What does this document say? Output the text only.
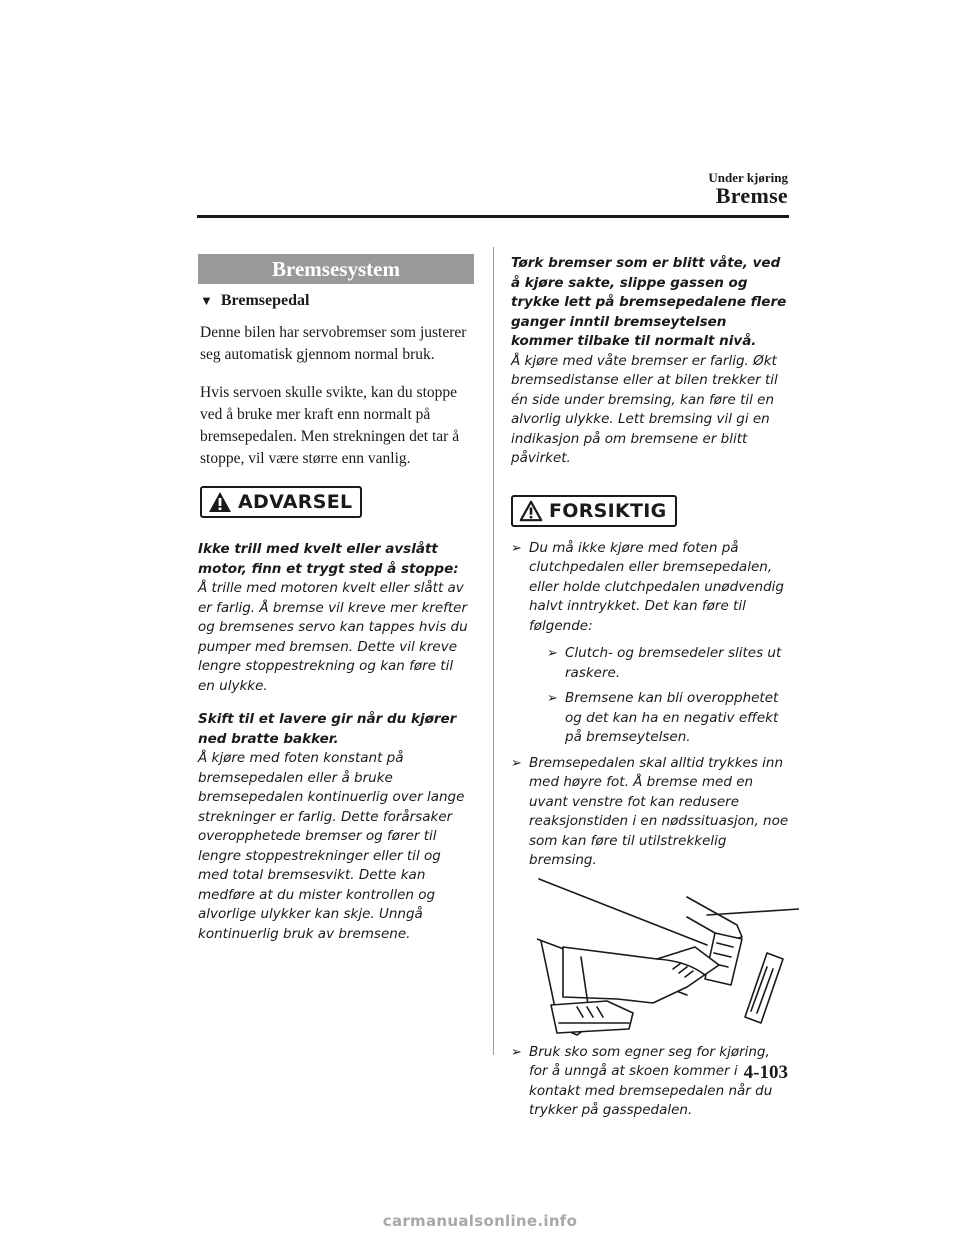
Under kjøring
Bremse
Bremsesystem
▼ Bremsepedal

Denne bilen har servobremser som justerer seg automatisk gjennom normal bruk.

Hvis servoen skulle svikte, kan du stoppe ved å bruke mer kraft enn normalt på bremsepedalen. Men strekningen det tar å stoppe, vil være større enn vanlig.

ADVARSEL

Ikke trill med kvelt eller avslått motor, finn et trygt sted å stoppe:

Å trille med motoren kvelt eller slått av er farlig. Å bremse vil kreve mer krefter og bremsenes servo kan tappes hvis du pumper med bremsen. Dette vil kreve lengre stoppestrekning og kan føre til en ulykke.

Skift til et lavere gir når du kjører ned bratte bakker.

Å kjøre med foten konstant på bremsepedalen eller å bruke bremsepedalen kontinuerlig over lange strekninger er farlig. Dette forårsaker overopphetede bremser og fører til lengre stoppestrekninger eller til og med total bremsesvikt. Dette kan medføre at du mister kontrollen og alvorlige ulykker kan skje. Unngå kontinuerlig bruk av bremsene.

Tørk bremser som er blitt våte, ved å kjøre sakte, slippe gassen og trykke lett på bremsepedalene flere ganger inntil bremseytelsen kommer tilbake til normalt nivå.

Å kjøre med våte bremser er farlig. Økt bremsedistanse eller at bilen trekker til én side under bremsing, kan føre til en alvorlig ulykke. Lett bremsing vil gi en indikasjon på om bremsene er blitt påvirket.

FORSIKTIG
➢ Du må ikke kjøre med foten på clutchpedalen eller bremsepedalen, eller holde clutchpedalen unødvendig halvt inntrykket. Det kan føre til følgende:
➢ Clutch- og bremsedeler slites ut raskere.
➢ Bremsene kan bli overopphetet og det kan ha en negativ effekt på bremseytelsen.
➢ Bremsepedalen skal alltid trykkes inn med høyre fot. Å bremse med en uvant venstre fot kan redusere reaksjonstiden i en nødssituasjon, noe som kan føre til utilstrekkelig bremsing.
➢ Bruk sko som egner seg for kjøring, for å unngå at skoen kommer i kontakt med bremsepedalen når du trykker på gasspedalen.
4-103
carmanualsonline.info
